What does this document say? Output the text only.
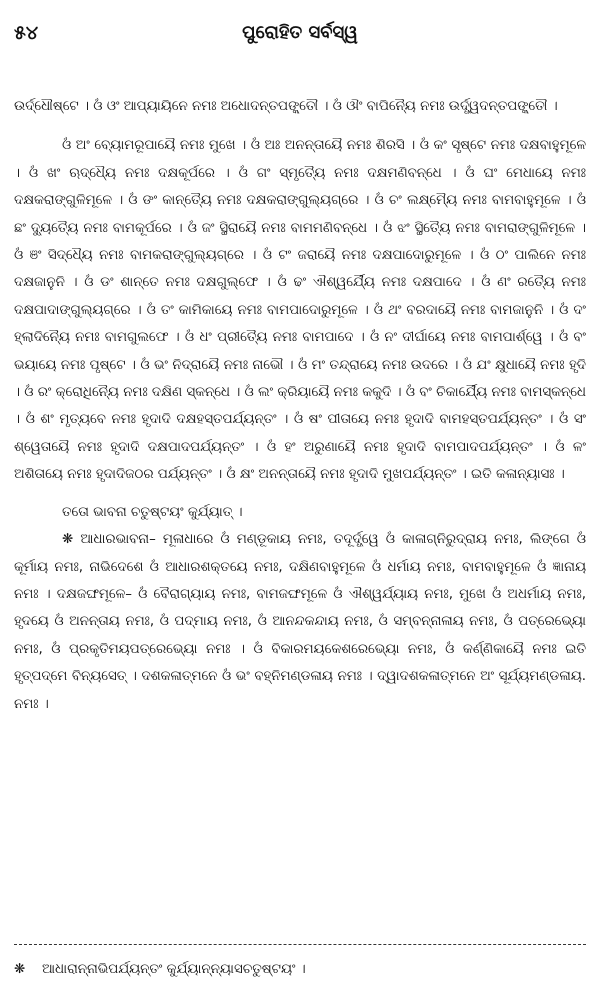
୫୪	ପୁରୋହିତ ସର୍ବସ୍ୱ

ଉର୍ଦ୍ଧୌଷ୍ଟେ । ଓଁ ଓଂ ଆପ୍ୟାୟିନେ ନମଃ ଅଧୋଦନ୍ତପଙ୍କ୍ତୌ । ଓଁ ଔଂ ବାପିନ୍ୟୈ ନମଃ ଉର୍ଦ୍ଧ୍ୱଦନ୍ତପଙ୍କ୍ତୌ ।

ଓଁ ଅଂ ବ୍ୟୋମରୂପାୟୈ ନମଃ ମୁଖେ । ଓଁ ଅଃ ଅନନ୍ତାୟୈ ନମଃ ଶିରସି । ଓଁ କଂ ସୃଷ୍ଟେ ନମଃ ଦକ୍ଷବାହୁମୂଳେ । ଓଁ ଖଂ ଋଦ୍ଧ୍ୟୈ ନମଃ ଦକ୍ଷକୂର୍ପରେ । ଓଁ ଗଂ ସ୍ମୃତ୍ୟୈ ନମଃ ଦକ୍ଷମଣିବନ୍ଧେ । ଓଁ ଘଂ ମେଧାୟେ ନମଃ ଦକ୍ଷକରାଙ୍ଗୁଳିମୂଳେ । ଓଁ ଙଂ କାନ୍ତ୍ୟୈ ନମଃ ଦକ୍ଷକରାଙ୍ଗୁଲ୍ୟଗ୍ରେ । ଓଁ ଚଂ ଲକ୍ଷ୍ମ୍ୟୈ ନମଃ ବାମବାହୁମୂଳେ । ଓଁ ଛଂ ଦ୍ୟୁତ୍ୟୈ ନମଃ ବାମକୂର୍ପରେ । ଓଁ ଜଂ ସ୍ଥିରାୟୈ ନମଃ ବାମମଣିବନ୍ଧେ । ଓଁ ଝଂ ସ୍ଥିତ୍ୟୈ ନମଃ ବାମରାଙ୍ଗୁଳିମୂଳେ । ଓଁ ଞଂ ସିଦ୍ଧ୍ୟୈ ନମଃ ବାମକରାଙ୍ଗୁଲ୍ୟଗ୍ରେ । ଓଁ ଟଂ ଜରାୟୈ ନମଃ ଦକ୍ଷପାଦୋରୁମୂଳେ । ଓଁ ଠଂ ପାଲିନେ ନମଃ ଦକ୍ଷଜାନୁନି । ଓଁ ଡଂ ଶାନ୍ତେ ନମଃ ଦକ୍ଷଗୁଲ୍‌ଫେ । ଓଁ ଢଂ ଐଶ୍ୱର୍ଯ୍ୟୈ ନମଃ ଦକ୍ଷପାଦେ । ଓଁ ଣଂ ରତ୍ୟୈ ନମଃ ଦକ୍ଷପାଦାଙ୍ଗୁଲ୍ୟଗ୍ରେ । ଓଁ ତଂ କାମିକାୟେ ନମଃ ବାମପାଦୋରୁମୂଳେ । ଓଁ ଥଂ ବରଦାୟୈ ନମଃ ବାମଜାନୁନି । ଓଁ ଦଂ ହ୍ଲାଦିନ୍ୟୈ ନମଃ ବାମଗୁଲଫେ । ଓଁ ଧଂ ପ୍ରୀତ୍ୟୈ ନମଃ ବାମପାଦେ । ଓଁ ନଂ ଦୀର୍ଘାୟେ ନମଃ ବାମପାର୍ଶ୍ୱେ । ଓଁ ବଂ ଭୟାୟେ ନମଃ ପୃଷ୍ଟେ । ଓଁ ଭଂ ନିଦ୍ରାୟୈ ନମଃ ନାଭୌ । ଓଁ ମଂ ତନ୍ଦ୍ରାୟେ ନମଃ ଉଦରେ । ଓଁ ଯଂ କ୍ଷୁଧାୟୈ ନମଃ ହୃଦି । ଓଁ ରଂ କ୍ରୋଧିନ୍ୟୈ ନମଃ ଦକ୍ଷିଣ ସ୍କନ୍ଧେ । ଓଁ ଲଂ କ୍ରିୟାୟୈ ନମଃ କକୁଦି । ଓଁ ବଂ ଚିକାର୍ଯ୍ୟୈ ନମଃ ବାମସ୍କନ୍ଧେ । ଓଁ ଶଂ ମୃତ୍ୟବେ ନମଃ ହୃଦାଦି ଦକ୍ଷହସ୍ତପର୍ଯ୍ୟନ୍ତଂ । ଓଁ ଷଂ ପୀତାୟେ ନମଃ ହୃଦାଦି ବାମହସ୍ତପର୍ଯ୍ୟନ୍ତଂ । ଓଁ ସଂ ଶ୍ୱେତାୟୈ ନମଃ ହୃଦାଦି ଦକ୍ଷପାଦପର୍ଯ୍ୟନ୍ତଂ । ଓଁ ହଂ ଅରୁଣାୟୈ ନମଃ ହୃଦାଦି ବାମପାଦପର୍ଯ୍ୟନ୍ତଂ । ଓଁ ଳଂ ଅଶିତାୟେ ନମଃ ହୃଦାଦିଜଠର ପର୍ଯ୍ୟନ୍ତଂ । ଓଁ କ୍ଷଂ ଅନନ୍ତାୟୈ ନମଃ ହୃଦାଦି ମୁଖପର୍ଯ୍ୟନ୍ତଂ । ଇତି କଳାନ୍ୟାସଃ ।

ତତୋ ଭାବନା ଚତୁଷ୍ଟୟଂ କୁର୍ଯ୍ୟାତ୍ ।

❋ ଆଧାରଭାବନା– ମୂଳାଧାରେ ଓଁ ମଣ୍ଡୂକାୟ ନମଃ, ତଦୂର୍ଦ୍ଧ୍ୱେ ଓଁ କାଳାଗ୍ନିରୁଦ୍ରାୟ ନମଃ, ଲିଙ୍ଗେ ଓଁ କୂର୍ମାୟ ନମଃ, ନାଭିଦେଶେ ଓଁ ଆଧାରଶକ୍ତୟେ ନମଃ, ଦକ୍ଷିଣବାହୁମୂଳେ ଓଁ ଧର୍ମାୟ ନମଃ, ବାମବାହୁମୂଳେ ଓଁ ଜ୍ଞାନାୟ ନମଃ । ଦକ୍ଷଜଙ୍ଘମୂଳେ– ଓଁ ବୈରାଗ୍ୟାୟ ନମଃ, ବାମଜଙ୍ଘମୂଳେ ଓଁ ଐଶ୍ୱର୍ଯ୍ୟାୟ ନମଃ, ମୁଖେ ଓଁ ଅଧର୍ମାୟ ନମଃ, ହୃଦୟେ ଓଁ ଅନନ୍ତାୟ ନମଃ, ଓଁ ପଦ୍ମାୟ ନମଃ, ଓଁ ଆନନ୍ଦକନ୍ଦାୟ ନମଃ, ଓଁ ସମ୍ବନ୍ନାଳାୟ ନମଃ, ଓଁ ପତ୍ରେଭ୍ୟୋ ନମଃ, ଓଁ ପ୍ରକୃତିମୟପତ୍ରେଭ୍ୟୋ ନମଃ । ଓଁ ବିକାରମୟକେଶରେଭ୍ୟୋ ନମଃ, ଓଁ କର୍ଣ୍ଣିକାୟୈ ନମଃ ଇତି ହୃତ୍‌ପଦ୍ମେ ବିନ୍ୟସେତ୍ । ଦଶକଳାତ୍ମନେ ଓଁ ଭଂ ବହ୍ନିମଣ୍ଡଳାୟ ନମଃ । ଦ୍ୱାଦଶକଳାତ୍ମନେ ଅଂ ସୂର୍ଯ୍ୟମଣ୍ଡଳାୟ. ନମଃ ।

❋ ଆଧାରାନ୍ନାଭିପର୍ଯ୍ୟନ୍ତଂ କୁର୍ଯ୍ୟାନ୍ନ୍ୟାସଚତୁଷ୍ଟୟଂ ।
